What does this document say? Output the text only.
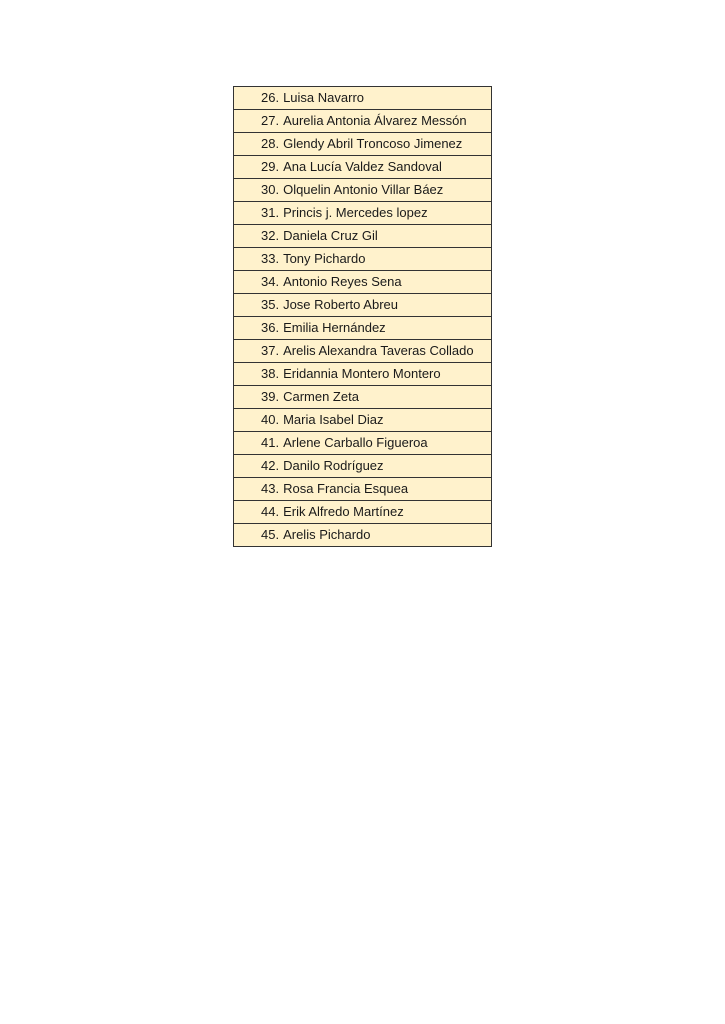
26. Luisa Navarro
27. Aurelia Antonia Álvarez Messón
28. Glendy Abril Troncoso Jimenez
29. Ana Lucía Valdez Sandoval
30. Olquelin Antonio Villar Báez
31. Princis j. Mercedes lopez
32. Daniela Cruz Gil
33. Tony Pichardo
34. Antonio Reyes Sena
35. Jose Roberto Abreu
36. Emilia Hernández
37. Arelis Alexandra Taveras Collado
38. Eridannia Montero Montero
39. Carmen Zeta
40. Maria Isabel Diaz
41. Arlene Carballo Figueroa
42. Danilo Rodríguez
43. Rosa Francia Esquea
44. Erik Alfredo Martínez
45. Arelis Pichardo
